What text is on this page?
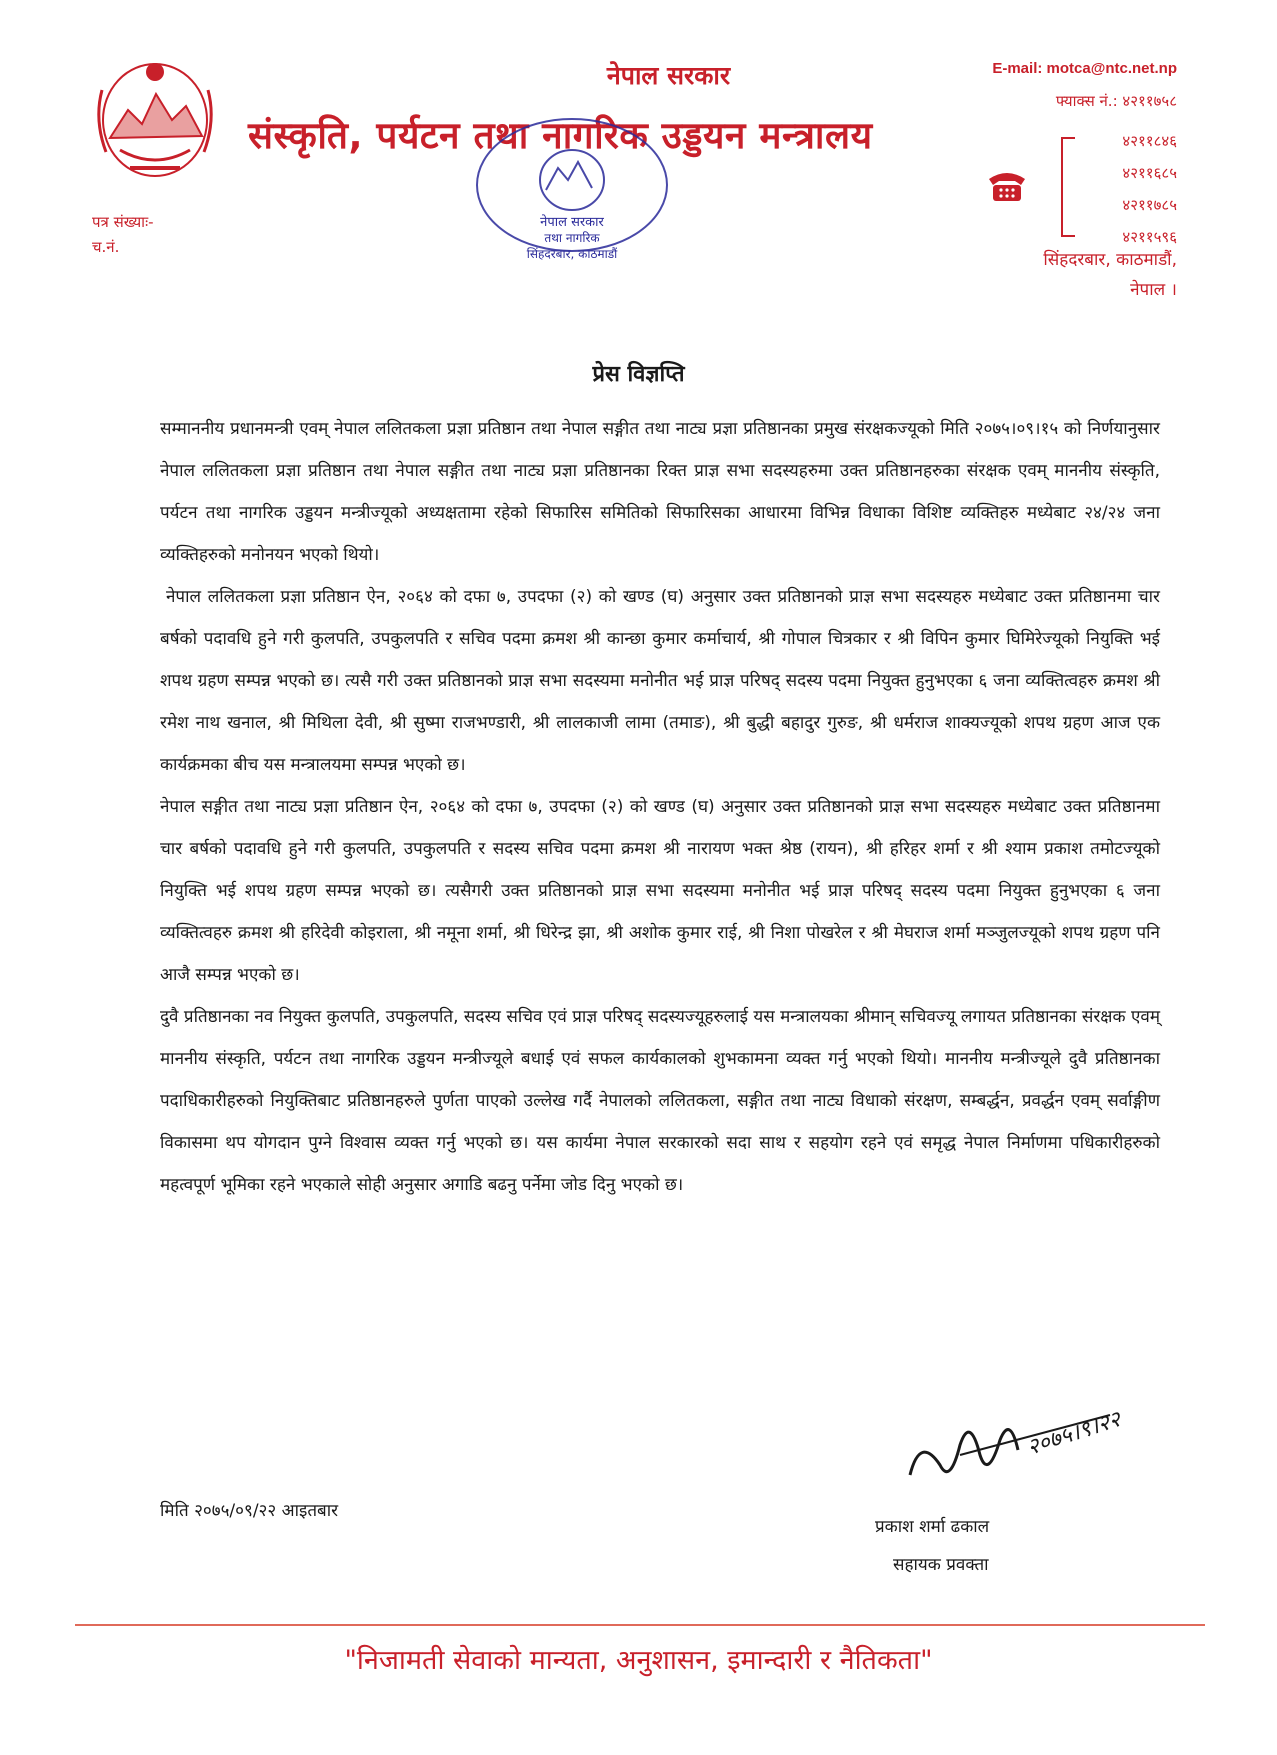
पत्र संख्याः-
च.नं.
नेपाल सरकार
संस्कृति, पर्यटन तथा नागरिक उड्डयन मन्त्रालय
नेपाल सरकार
तथा नागरिक
सिंहदरबार, काठमाडौं
E-mail: motca@ntc.net.np
फ्याक्स नं.: ४२११७५८
४२११८४६
४२११६८५
४२११७८५
४२११५९६
सिंहदरबार, काठमाडौं,
नेपाल ।
प्रेस विज्ञप्ति

सम्माननीय प्रधानमन्त्री एवम् नेपाल ललितकला प्रज्ञा प्रतिष्ठान तथा नेपाल सङ्गीत तथा नाट्य प्रज्ञा प्रतिष्ठानका प्रमुख संरक्षकज्यूको मिति २०७५।०९।१५ को निर्णयानुसार नेपाल ललितकला प्रज्ञा प्रतिष्ठान तथा नेपाल सङ्गीत तथा नाट्य प्रज्ञा प्रतिष्ठानका रिक्त प्राज्ञ सभा सदस्यहरुमा उक्त प्रतिष्ठानहरुका संरक्षक एवम् माननीय संस्कृति, पर्यटन तथा नागरिक उड्डयन मन्त्रीज्यूको अध्यक्षतामा रहेको सिफारिस समितिको सिफारिसका आधारमा विभिन्न विधाका विशिष्ट व्यक्तिहरु मध्येबाट २४/२४ जना व्यक्तिहरुको मनोनयन भएको थियो।

नेपाल ललितकला प्रज्ञा प्रतिष्ठान ऐन, २०६४ को दफा ७, उपदफा (२) को खण्ड (घ) अनुसार उक्त प्रतिष्ठानको प्राज्ञ सभा सदस्यहरु मध्येबाट उक्त प्रतिष्ठानमा चार बर्षको पदावधि हुने गरी कुलपति, उपकुलपति र सचिव पदमा क्रमश श्री कान्छा कुमार कर्माचार्य, श्री गोपाल चित्रकार र श्री विपिन कुमार घिमिरेज्यूको नियुक्ति भई शपथ ग्रहण सम्पन्न भएको छ। त्यसै गरी उक्त प्रतिष्ठानको प्राज्ञ सभा सदस्यमा मनोनीत भई प्राज्ञ परिषद् सदस्य पदमा नियुक्त हुनुभएका ६ जना व्यक्तित्वहरु क्रमश श्री रमेश नाथ खनाल, श्री मिथिला देवी, श्री सुष्मा राजभण्डारी, श्री लालकाजी लामा (तमाङ), श्री बुद्धी बहादुर गुरुङ, श्री धर्मराज शाक्यज्यूको शपथ ग्रहण आज एक कार्यक्रमका बीच यस मन्त्रालयमा सम्पन्न भएको छ।

नेपाल सङ्गीत तथा नाट्य प्रज्ञा प्रतिष्ठान ऐन, २०६४ को दफा ७, उपदफा (२) को खण्ड (घ) अनुसार उक्त प्रतिष्ठानको प्राज्ञ सभा सदस्यहरु मध्येबाट उक्त प्रतिष्ठानमा चार बर्षको पदावधि हुने गरी कुलपति, उपकुलपति र सदस्य सचिव पदमा क्रमश श्री नारायण भक्त श्रेष्ठ (रायन), श्री हरिहर शर्मा र श्री श्याम प्रकाश तमोटज्यूको नियुक्ति भई शपथ ग्रहण सम्पन्न भएको छ। त्यसैगरी उक्त प्रतिष्ठानको प्राज्ञ सभा सदस्यमा मनोनीत भई प्राज्ञ परिषद् सदस्य पदमा नियुक्त हुनुभएका ६ जना व्यक्तित्वहरु क्रमश श्री हरिदेवी कोइराला, श्री नमूना शर्मा, श्री धिरेन्द्र झा, श्री अशोक कुमार राई, श्री निशा पोखरेल र श्री मेघराज शर्मा मञ्जुलज्यूको शपथ ग्रहण पनि आजै सम्पन्न भएको छ।

दुवै प्रतिष्ठानका नव नियुक्त कुलपति, उपकुलपति, सदस्य सचिव एवं प्राज्ञ परिषद् सदस्यज्यूहरुलाई यस मन्त्रालयका श्रीमान् सचिवज्यू लगायत प्रतिष्ठानका संरक्षक एवम् माननीय संस्कृति, पर्यटन तथा नागरिक उड्डयन मन्त्रीज्यूले बधाई एवं सफल कार्यकालको शुभकामना व्यक्त गर्नु भएको थियो। माननीय मन्त्रीज्यूले दुवै प्रतिष्ठानका पदाधिकारीहरुको नियुक्तिबाट प्रतिष्ठानहरुले पुर्णता पाएको उल्लेख गर्दै नेपालको ललितकला, सङ्गीत तथा नाट्य विधाको संरक्षण, सम्बर्द्धन, प्रवर्द्धन एवम् सर्वाङ्गीण विकासमा थप योगदान पुग्ने विश्वास व्यक्त गर्नु भएको छ। यस कार्यमा नेपाल सरकारको सदा साथ र सहयोग रहने एवं समृद्ध नेपाल निर्माणमा पधिकारीहरुको महत्वपूर्ण भूमिका रहने भएकाले सोही अनुसार अगाडि बढनु पर्नेमा जोड दिनु भएको छ।

मिति २०७५/०९/२२ आइतबार
२०७५।९।२२
प्रकाश शर्मा ढकाल
सहायक प्रवक्ता
"निजामती सेवाको मान्यता, अनुशासन, इमान्दारी र नैतिकता"
